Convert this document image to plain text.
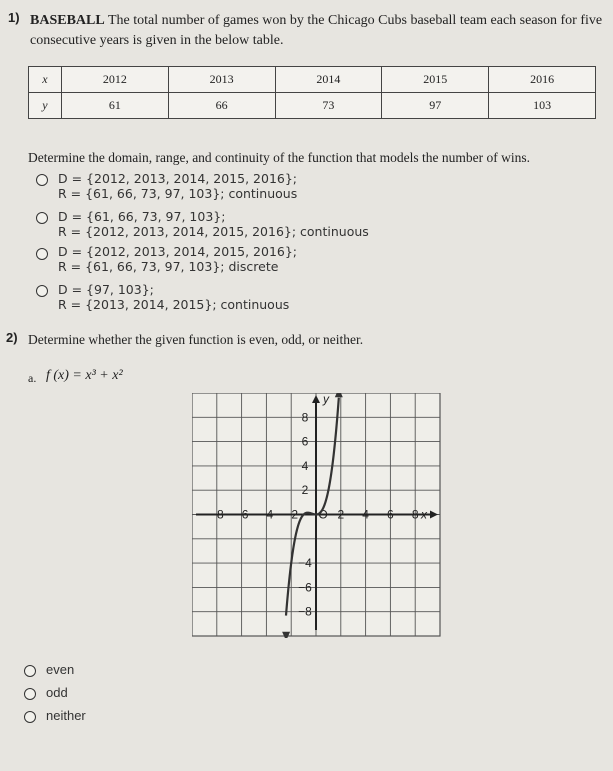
1) BASEBALL The total number of games won by the Chicago Cubs baseball team each season for five
consecutive years is given in the below table.
x	2012	2013	2014	2015	2016
y	61	66	73	97	103
Determine the domain, range, and continuity of the function that models the number of wins.
D = {2012, 2013, 2014, 2015, 2016};
R = {61, 66, 73, 97, 103}; continuous
D = {61, 66, 73, 97, 103};
R = {2012, 2013, 2014, 2015, 2016}; continuous
D = {2012, 2013, 2014, 2015, 2016};
R = {61, 66, 73, 97, 103}; discrete
D = {97, 103};
R = {2013, 2014, 2015}; continuous
2) Determine whether the given function is even, odd, or neither.
a. f (x) = x³ + x²
−8 −6 −4 −2 O 2 4 6 8 x
8
6
4
2
−4
−6
−8
y
even
odd
neither
